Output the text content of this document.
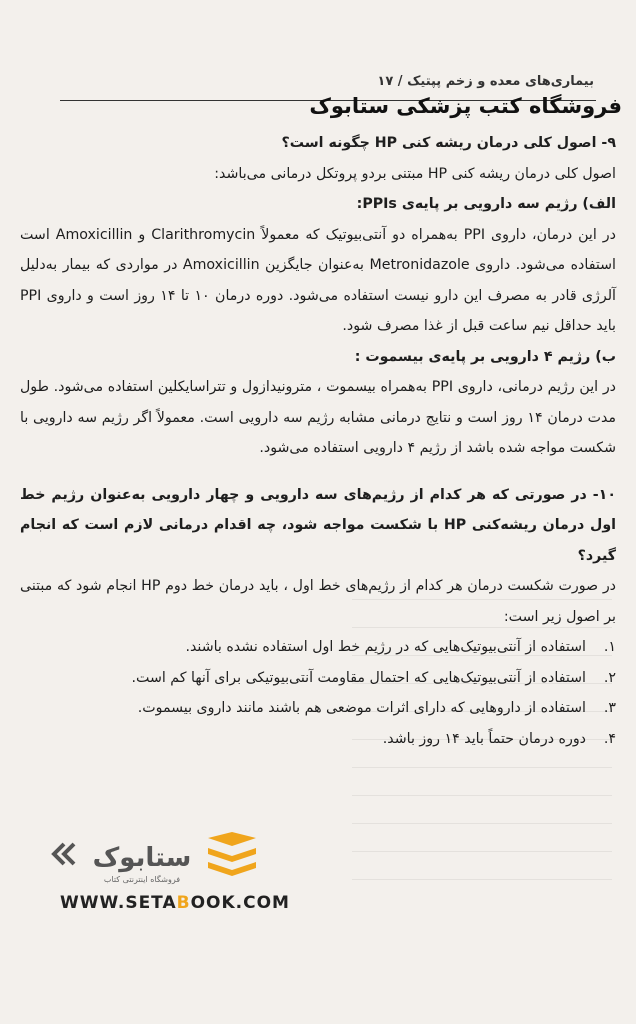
بیماری‌های معده و زخم پپتیک / ۱۷
فروشگاه کتب پزشکی ستابوک

۹- اصول کلی درمان ریشه کنی HP چگونه است؟

اصول کلی درمان ریشه کنی HP مبتنی بردو پروتکل درمانی می‌باشد:

الف) رژیم سه دارویی بر پایه‌ی PPIs:

در این درمان، داروی PPI به‌همراه دو آنتی‌بیوتیک که معمولاً Clarithromycin و Amoxicillin است استفاده می‌شود. داروی Metronidazole به‌عنوان جایگزین Amoxicillin در مواردی که بیمار به‌دلیل آلرژی قادر به مصرف این دارو نیست استفاده می‌شود. دوره درمان ۱۰ تا ۱۴ روز است و داروی PPI باید حداقل نیم ساعت قبل از غذا مصرف شود.

ب) رژیم ۴ دارویی بر پایه‌ی بیسموت :

در این رژیم درمانی، داروی PPI به‌همراه بیسموت ، مترونیدازول و تتراسایکلین استفاده می‌شود. طول مدت درمان ۱۴ روز است و نتایج درمانی مشابه رژیم سه دارویی است. معمولاً اگر رژیم سه دارویی با شکست مواجه شده باشد از رژیم ۴ دارویی استفاده می‌شود.

۱۰- در صورتی که هر کدام از رژیم‌های سه دارویی و چهار دارویی به‌عنوان رژیم خط اول درمان ریشه‌کنی HP با شکست مواجه شود، چه اقدام درمانی لازم است که انجام گیرد؟

در صورت شکست درمان هر کدام از رژیم‌های خط اول ، باید درمان خط دوم HP انجام شود که مبتنی بر اصول زیر است:

۱.
استفاده از آنتی‌بیوتیک‌هایی که در رژیم خط اول استفاده نشده باشند.
۲.
استفاده از آنتی‌بیوتیک‌هایی که احتمال مقاومت آنتی‌بیوتیکی برای آنها کم است.
۳.
استفاده از داروهایی که دارای اثرات موضعی هم باشند مانند داروی بیسموت.
۴.
دوره درمان حتماً باید ۱۴ روز باشد.
ستابوک
فروشگاه اینترنتی کتاب
WWW.SETABOOK.COM
